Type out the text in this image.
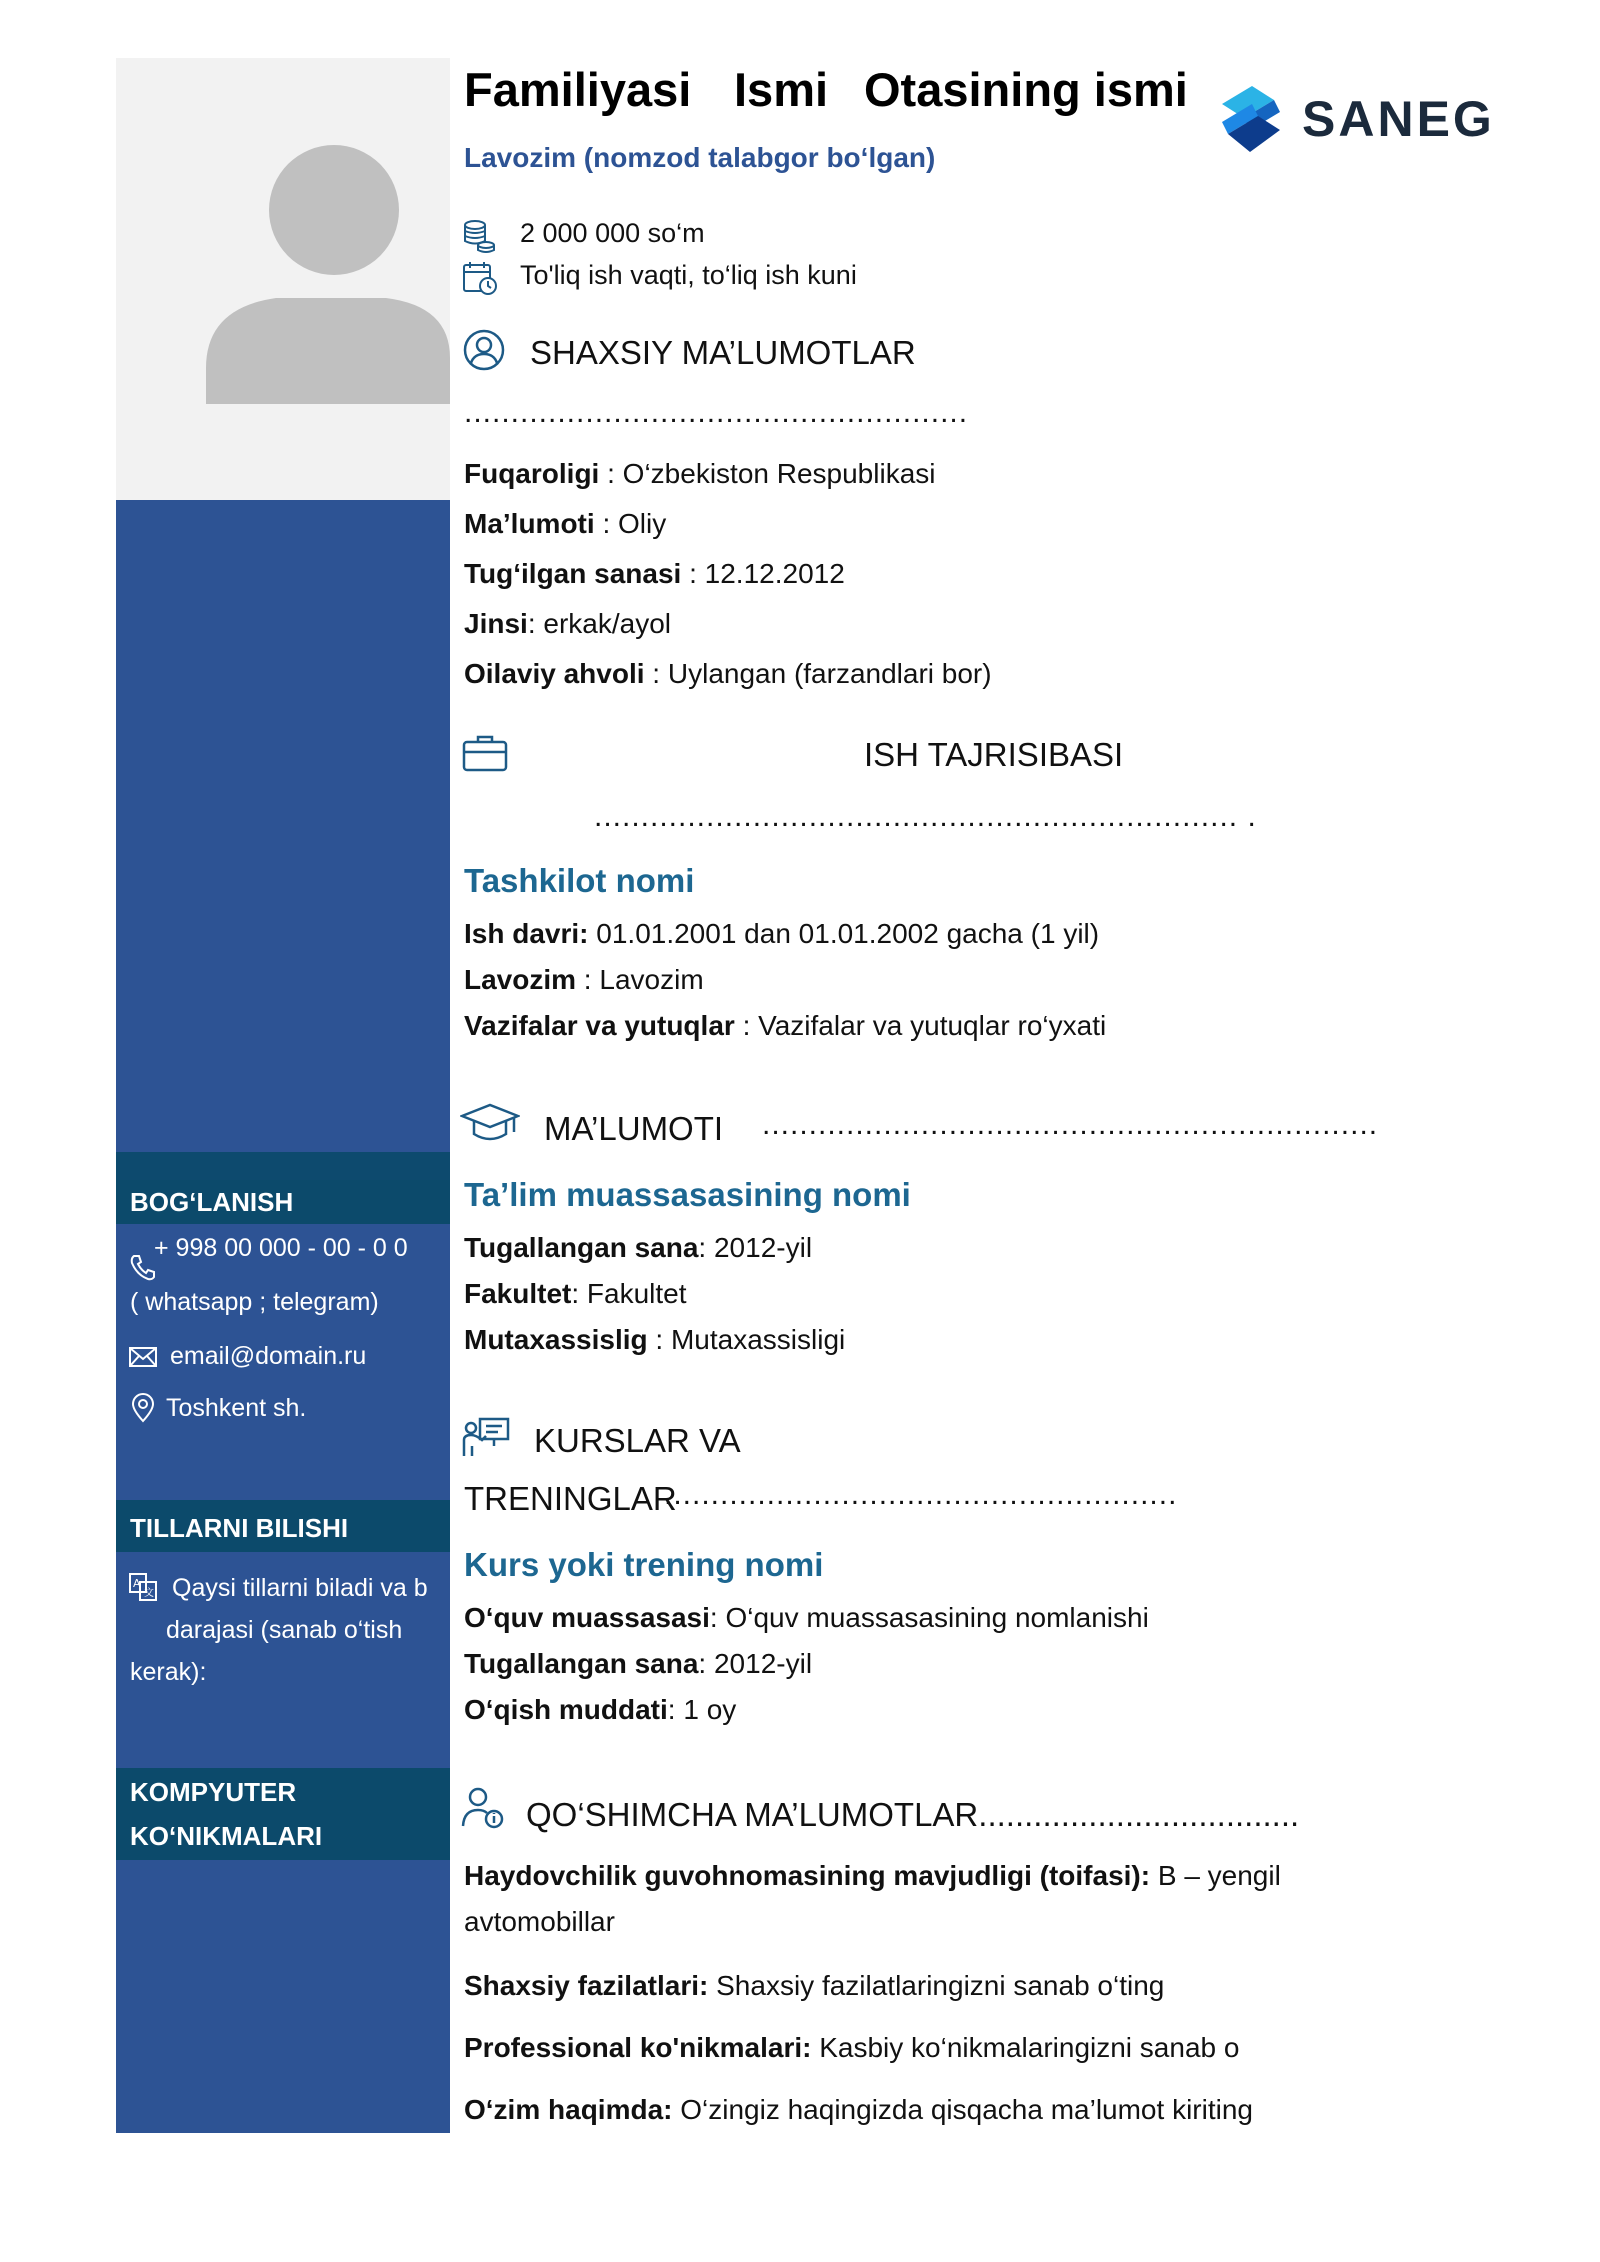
BOG‘LANISH
+ 998 00 000 - 00 - 0 0
( whatsapp ; telegram)
email@domain.ru
Toshkent sh.
TILLARNI BILISHI
A
文 Qaysi tillarni biladi va b
darajasi (sanab o‘tish
kerak):
KOMPYUTER
KO‘NIKMALARI
Familiyasi Ismi Otasining ismi
SANEG
Lavozim (nomzod talabgor bo‘lgan)
2 000 000 so‘m
To'liq ish vaqti, to‘liq ish kuni
SHAXSIY MA’LUMOTLAR
......................................................
Fuqaroligi : O‘zbekiston Respublikasi
Ma’lumoti : Oliy
Tug‘ilgan sanasi : 12.12.2012
Jinsi: erkak/ayol
Oilaviy ahvoli : Uylangan (farzandlari bor)
ISH TAJRISIBASI
..................................................................... .
Tashkilot nomi
Ish davri: 01.01.2001 dan 01.01.2002 gacha (1 yil)
Lavozim : Lavozim
Vazifalar va yutuqlar : Vazifalar va yutuqlar ro‘yxati
MA’LUMOTI ..................................................................
Ta’lim muassasasining nomi
Tugallangan sana: 2012-yil
Fakultet: Fakultet
Mutaxassislig : Mutaxassisligi
KURSLAR VA
TRENINGLAR
.......................................................
Kurs yoki trening nomi
O‘quv muassasasi: O‘quv muassasasining nomlanishi
Tugallangan sana: 2012-yil
O‘qish muddati: 1 oy
QO‘SHIMCHA MA’LUMOTLAR...................................
Haydovchilik guvohnomasining mavjudligi (toifasi): B – yengil
avtomobillar
Shaxsiy fazilatlari: Shaxsiy fazilatlaringizni sanab o‘ting
Professional ko'nikmalari: Kasbiy ko‘nikmalaringizni sanab o
O‘zim haqimda: O‘zingiz haqingizda qisqacha ma’lumot kiriting
